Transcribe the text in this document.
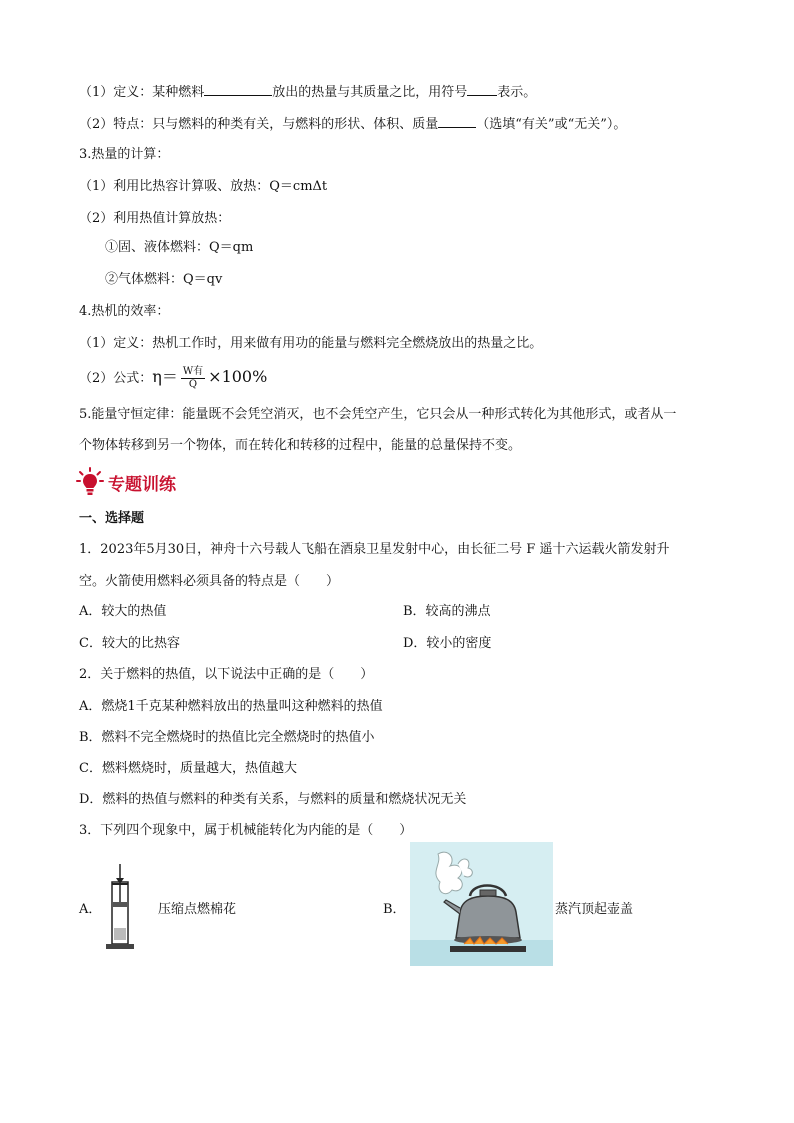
（1）定义：某种燃料	放出的热量与其质量之比，用符号 表示。
（2）特点：只与燃料的种类有关，与燃料的形状、体积、质量	（选填“有关”或“无关”）。
3.热量的计算：
（1）利用比热容计算吸、放热：Q＝cmΔt
（2）利用热值计算放热：
①固、液体燃料：Q＝qm
②气体燃料：Q＝qv
4.热机的效率：
（1）定义：热机工作时，用来做有用功的能量与燃料完全燃烧放出的热量之比。
（2）公式：$\eta= \frac{\text{W有}}{Q} \times 100\%$
5.能量守恒定律：能量既不会凭空消灭，也不会凭空产生，它只会从一种形式转化为其他形式，或者从一
个物体转移到另一个物体，而在转化和转移的过程中，能量的总量保持不变。
专题训练
一、选择题
1．2023年5月30日，神舟十六号载人飞船在酒泉卫星发射中心，由长征二号 F 遥十六运载火箭发射升
空。火箭使用燃料必须具备的特点是（　　）
A．较大的热值	B．较高的沸点
C．较大的比热容	D．较小的密度
2．关于燃料的热值，以下说法中正确的是（　　）
A．燃烧1千克某种燃料放出的热量叫这种燃料的热值
B．燃料不完全燃烧时的热值比完全燃烧时的热值小
C．燃料燃烧时，质量越大，热值越大
D．燃料的热值与燃料的种类有关系，与燃料的质量和燃烧状况无关
3．下列四个现象中，属于机械能转化为内能的是（　　）
A．	压缩点燃棉花	B．	蒸汽顶起壶盖
